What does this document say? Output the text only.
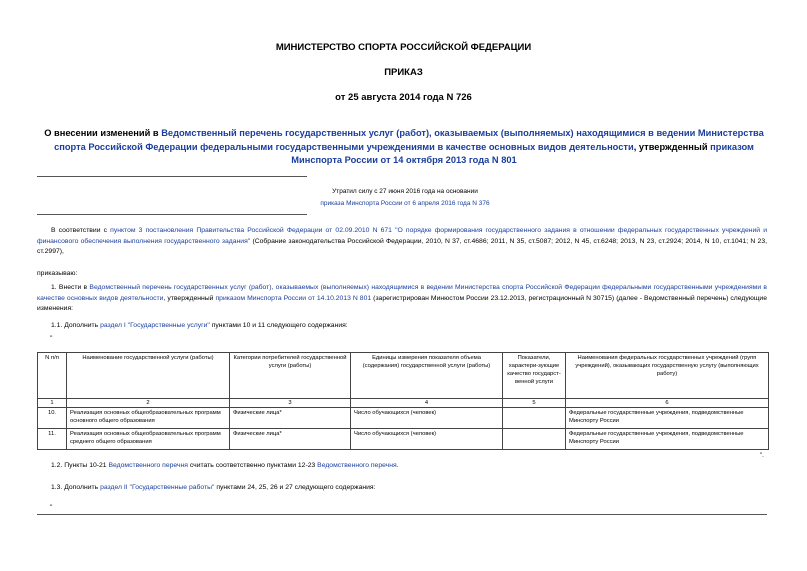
МИНИСТЕРСТВО СПОРТА РОССИЙСКОЙ ФЕДЕРАЦИИ
ПРИКАЗ
от 25 августа 2014 года N 726
О внесении изменений в Ведомственный перечень государственных услуг (работ), оказываемых (выполняемых) находящимися в ведении Министерства спорта Российской Федерации федеральными государственными учреждениями в качестве основных видов деятельности, утвержденный приказом Минспорта России от 14 октября 2013 года N 801
Утратил силу с 27 июня 2016 года на основании
приказа Минспорта России от 6 апреля 2016 года N 376
В соответствии с пунктом 3 постановления Правительства Российской Федерации от 02.09.2010 N 671 "О порядке формирования государственного задания в отношении федеральных государственных учреждений и финансового обеспечения выполнения государственного задания" (Собрание законодательства Российской Федерации, 2010, N 37, ст.4686; 2011, N 35, ст.5087; 2012, N 45, ст.6248; 2013, N 23, ст.2924; 2014, N 10, ст.1041; N 23, ст.2997),
приказываю:
1. Внести в Ведомственный перечень государственных услуг (работ), оказываемых (выполняемых) находящимися в ведении Министерства спорта Российской Федерации федеральными государственными учреждениями в качестве основных видов деятельности, утвержденный приказом Минспорта России от 14.10.2013 N 801 (зарегистрирован Минюстом России 23.12.2013, регистрационный N 30715) (далее - Ведомственный перечень) следующие изменения:
1.1. Дополнить раздел I "Государственные услуги" пунктами 10 и 11 следующего содержания:
"
N п/п	Наименование государственной услуги (работы)	Категории потребителей государственной услуги (работы)	Единицы измерения показателя объема (содержания) государственной услуги (работы)	Показатели, характери-зующие качество государст-венной услуги	Наименования федеральных государственных учреждений (групп учреждений), оказывающих государственную услугу (выполняющих работу)
1	2	3	4	5	6
10.	Реализация основных общеобразовательных программ основного общего образования	Физические лица*	Число обучающихся (человек)		Федеральные государственные учреждения, подведомственные Минспорту России
11.	Реализация основных общеобразовательных программ среднего общего образования	Физические лица*	Число обучающихся (человек)		Федеральные государственные учреждения, подведомственные Минспорту России
".
1.2. Пункты 10-21 Ведомственного перечня считать соответственно пунктами 12-23 Ведомственного перечня.
1.3. Дополнить раздел II "Государственные работы" пунктами 24, 25, 26 и 27 следующего содержания:
"
